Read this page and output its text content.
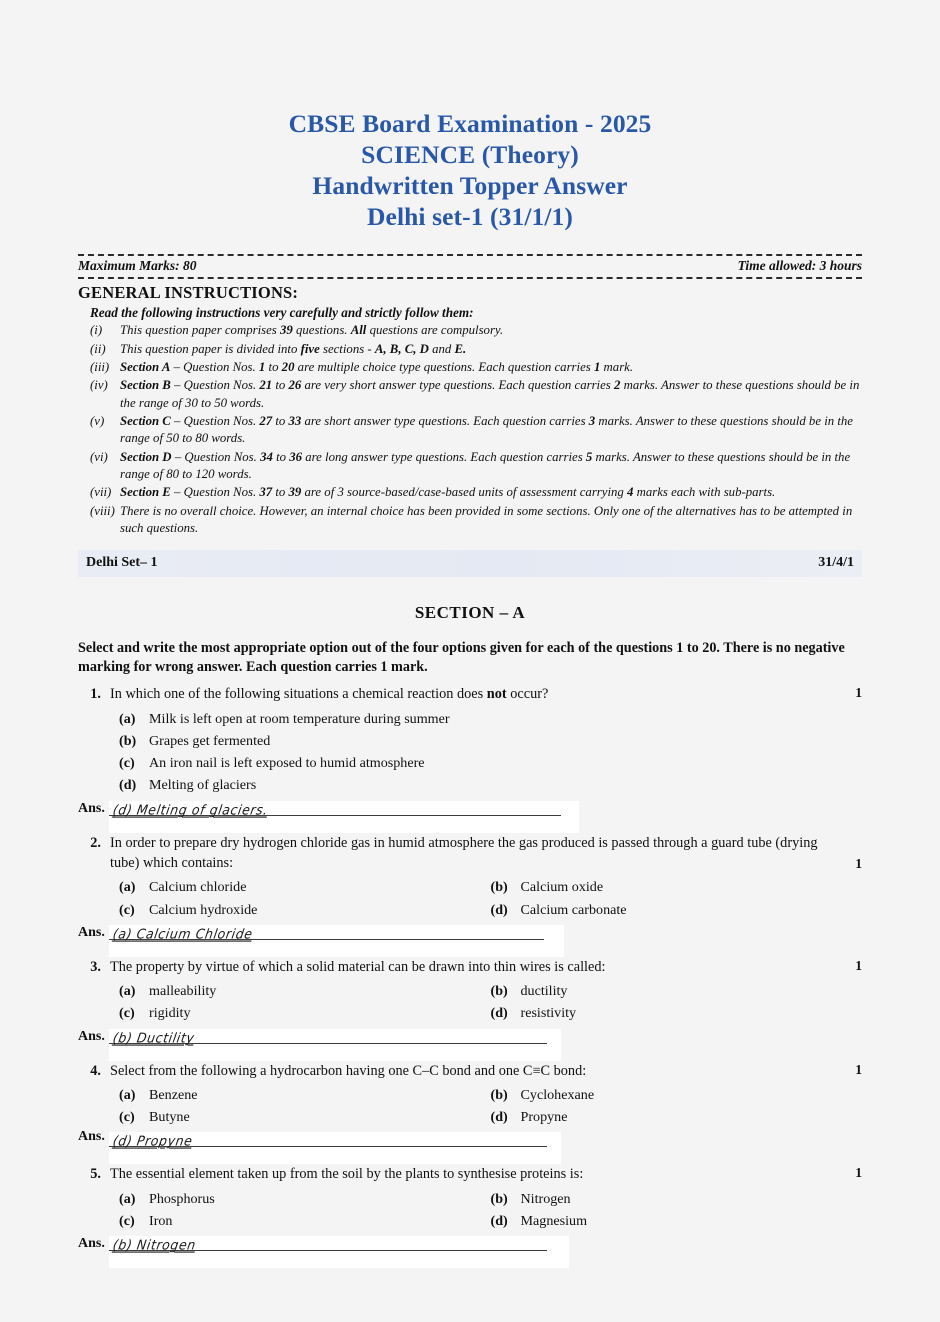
CBSE Board Examination - 2025
SCIENCE (Theory)
Handwritten Topper Answer
Delhi set-1 (31/1/1)
Maximum Marks: 80	Time allowed: 3 hours
GENERAL INSTRUCTIONS:
Read the following instructions very carefully and strictly follow them:
(i)	This question paper comprises 39 questions. All questions are compulsory.
(ii)	This question paper is divided into five sections - A, B, C, D and E.
(iii) Section A – Question Nos. 1 to 20 are multiple choice type questions. Each question carries 1 mark.
(iv) Section B – Question Nos. 21 to 26 are very short answer type questions. Each question carries 2 marks. Answer to these questions should be in the range of 30 to 50 words.
(v)	Section C – Question Nos. 27 to 33 are short answer type questions. Each question carries 3 marks. Answer to these questions should be in the range of 50 to 80 words.
(vi) Section D – Question Nos. 34 to 36 are long answer type questions. Each question carries 5 marks. Answer to these questions should be in the range of 80 to 120 words.
(vii) Section E – Question Nos. 37 to 39 are of 3 source-based/case-based units of assessment carrying 4 marks each with sub-parts.
(viii) There is no overall choice. However, an internal choice has been provided in some sections. Only one of the alternatives has to be attempted in such questions.
Delhi Set– 1	31/4/1
SECTION – A
Select and write the most appropriate option out of the four options given for each of the questions 1 to 20. There is no negative marking for wrong answer. Each question carries 1 mark.
1. In which one of the following situations a chemical reaction does not occur?	1
(a) Milk is left open at room temperature during summer
(b) Grapes get fermented
(c)	An iron nail is left exposed to humid atmosphere
(d) Melting of glaciers
Ans. (d) Melting of glaciers.
2. In order to prepare dry hydrogen chloride gas in humid atmosphere the gas produced is passed through a guard tube (drying tube) which contains:	1
(a) Calcium chloride	(b) Calcium oxide
(c)	Calcium hydroxide	(d) Calcium carbonate
Ans. (a) Calcium Chloride
3. The property by virtue of which a solid material can be drawn into thin wires is called:	1
(a) malleability	(b) ductility
(c)	rigidity	(d) resistivity
Ans. (b) Ductility
4. Select from the following a hydrocarbon having one C–C bond and one C≡C bond:	1
(a) Benzene	(b) Cyclohexane
(c)	Butyne	(d) Propyne
Ans. (d) Propyne
5. The essential element taken up from the soil by the plants to synthesise proteins is:	1
(a) Phosphorus	(b) Nitrogen
(c)	Iron	(d) Magnesium
Ans. (b) Nitrogen
